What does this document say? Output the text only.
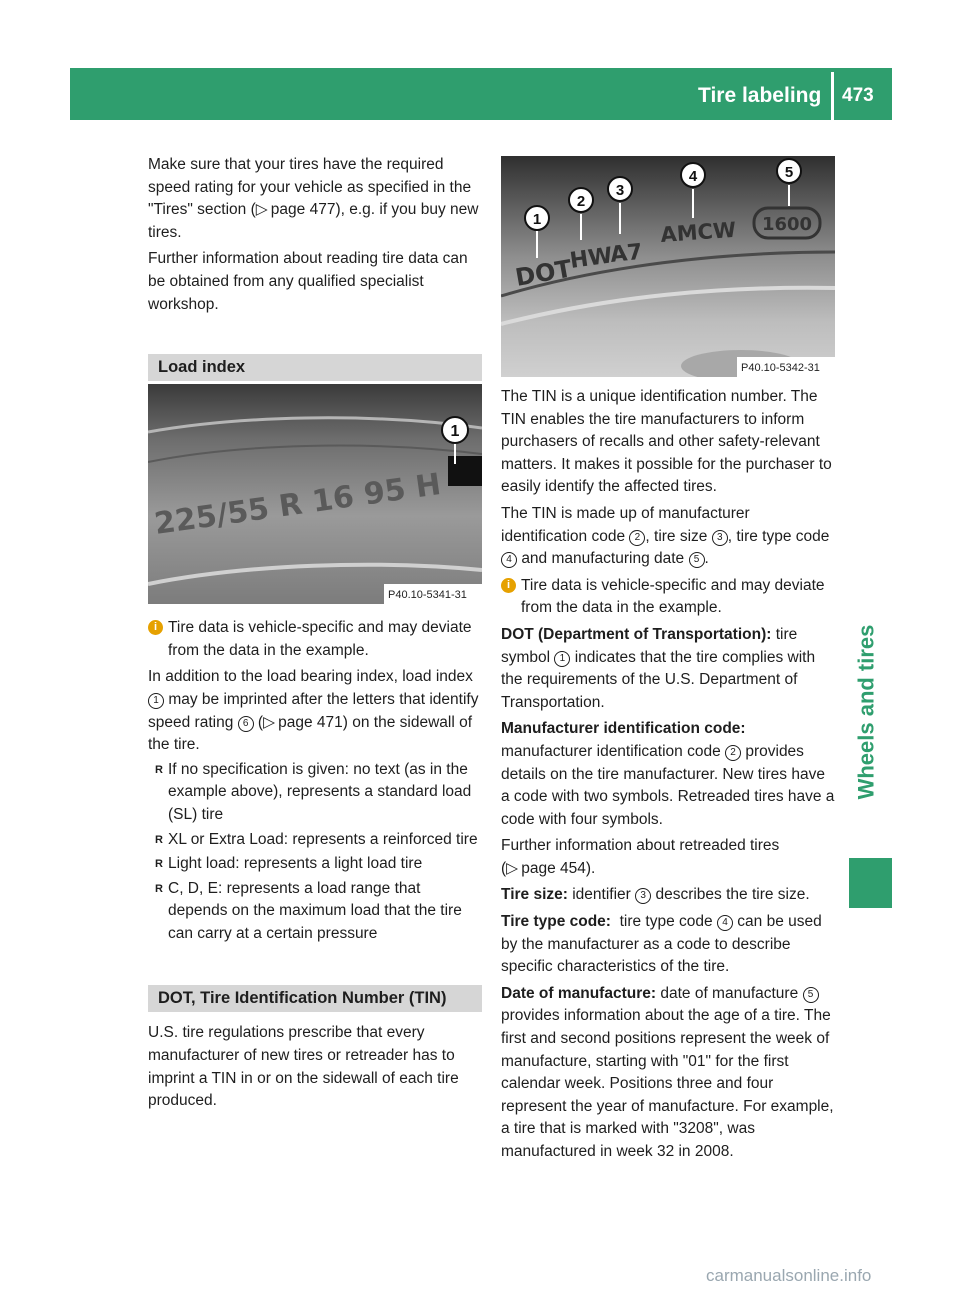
Tire labeling 473
Wheels and tires

Make sure that your tires have the required speed rating for your vehicle as specified in the "Tires" section (▷  page 477), e.g. if you buy new tires.

Further information about reading tire data can be obtained from any qualified specialist workshop.

Load index

i Tire data is vehicle-specific and may deviate from the data in the example.

In addition to the load bearing index, load index 1 may be imprinted after the letters that identify speed rating 6 (▷  page 471) on the sidewall of the tire.

R If no specification is given: no text (as in the example above), represents a standard load (SL) tire

R XL or Extra Load: represents a reinforced tire

R Light load: represents a light load tire

R C, D, E: represents a load range that depends on the maximum load that the tire can carry at a certain pressure

DOT, Tire Identification Number (TIN)

U.S. tire regulations prescribe that every manufacturer of new tires or retreader has to imprint a TIN in or on the sidewall of each tire produced.

225/55 R 16 95 H
1
P40.10-5341-31
DOT
HW
A7
AMCW 1600
1
2
3
4	5
P40.10-5342-31

The TIN is a unique identification number. The TIN enables the tire manufacturers to inform purchasers of recalls and other safety-relevant matters. It makes it possible for the purchaser to easily identify the affected tires.

The TIN is made up of manufacturer identification code 2 , tire size 3 , tire type code 4 and manufacturing date 5 .

i Tire data is vehicle-specific and may deviate from the data in the example.

DOT (Department of Transportation): tire symbol 1 indicates that the tire complies with the requirements of the U.S. Department of Transportation.

Manufacturer identification code:
manufacturer identification code 2 provides details on the tire manufacturer. New tires have a code with two symbols. Retreaded tires have a code with four symbols.

Further information about retreaded tires
(▷  page 454).

Tire size: identifier 3 describes the tire size.

Tire type code: tire type code 4 can be used by the manufacturer as a code to describe specific characteristics of the tire.

Date of manufacture: date of manufacture 5 provides information about the age of a tire. The first and second positions represent the week of manufacture, starting with "01" for the first calendar week. Positions three and four represent the year of manufacture. For example, a tire that is marked with "3208", was manufactured in week 32 in 2008.

carmanualsonline.info
